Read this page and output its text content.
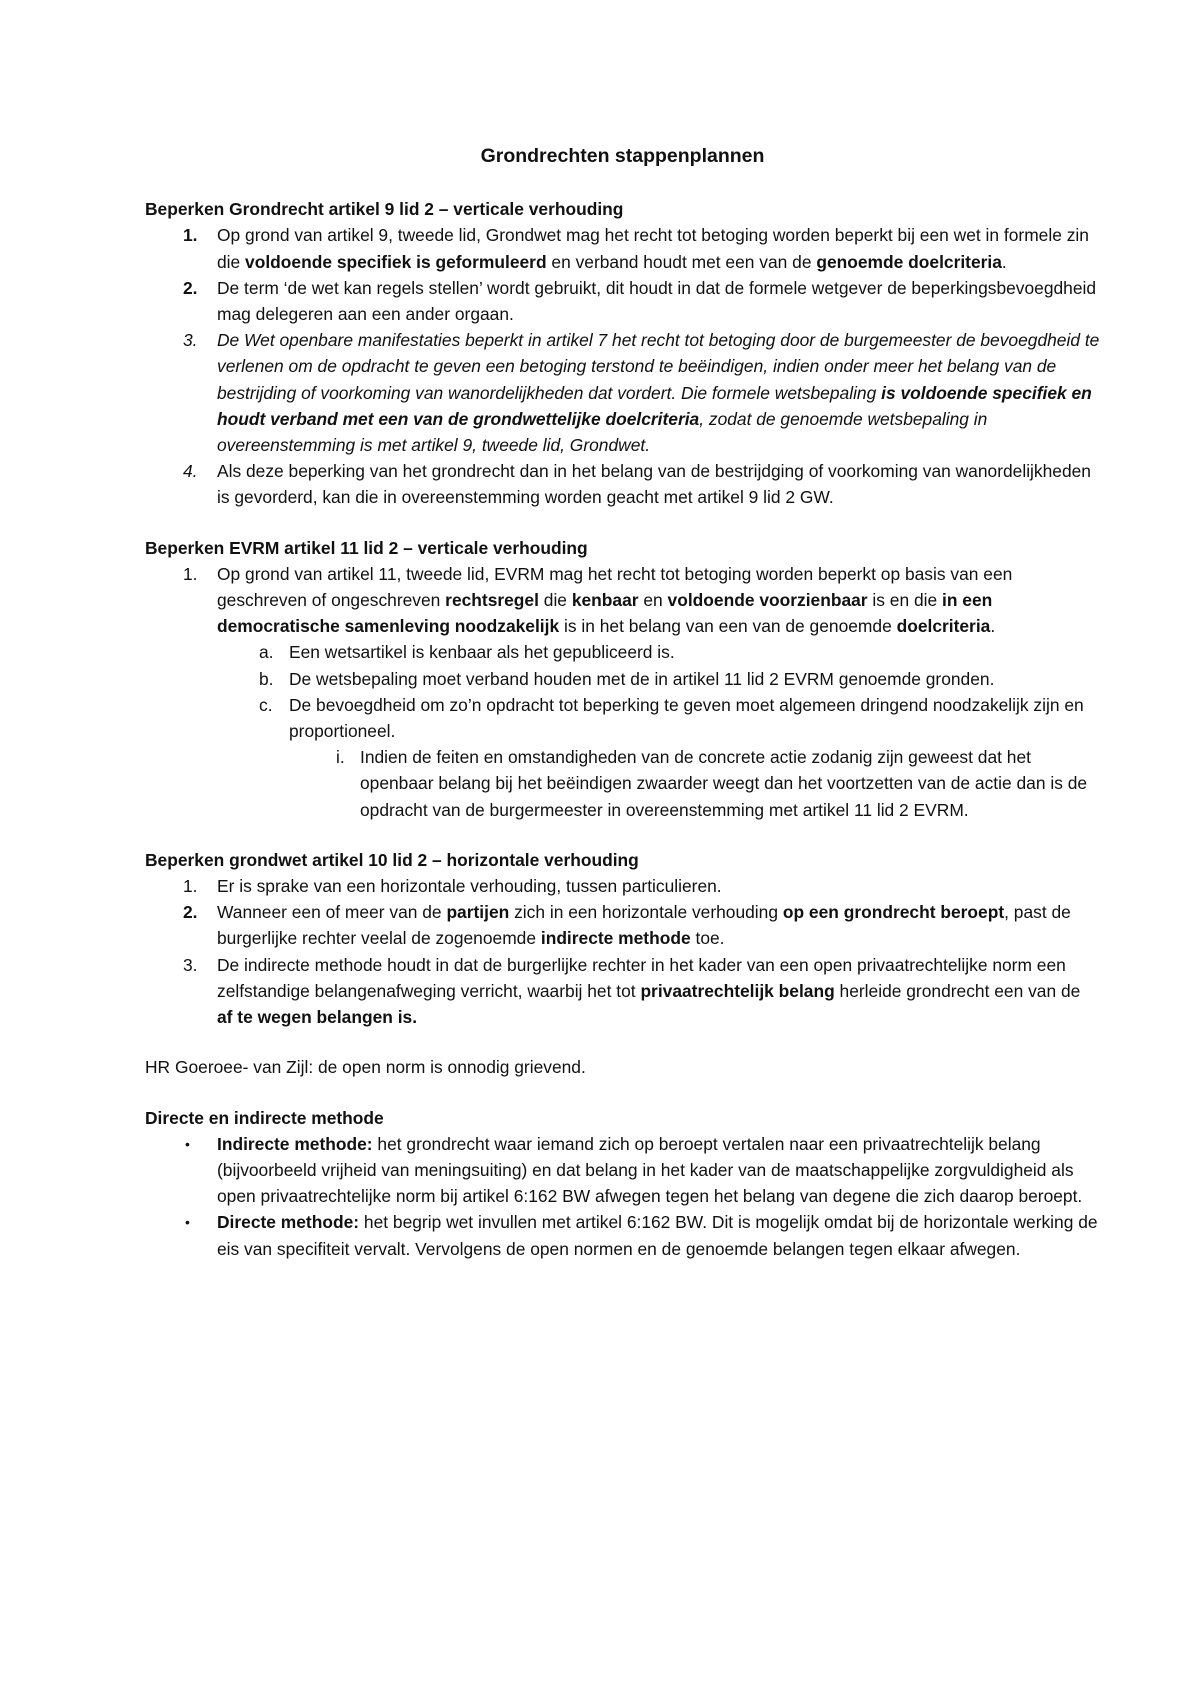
Grondrechten stappenplannen
Beperken Grondrecht artikel 9 lid 2 – verticale verhouding
1. Op grond van artikel 9, tweede lid, Grondwet mag het recht tot betoging worden beperkt bij een wet in formele zin die voldoende specifiek is geformuleerd en verband houdt met een van de genoemde doelcriteria.
2. De term ‘de wet kan regels stellen’ wordt gebruikt, dit houdt in dat de formele wetgever de beperkingsbevoegdheid mag delegeren aan een ander orgaan.
3. De Wet openbare manifestaties beperkt in artikel 7 het recht tot betoging door de burgemeester de bevoegdheid te verlenen om de opdracht te geven een betoging terstond te beëindigen, indien onder meer het belang van de bestrijding of voorkoming van wanordelijkheden dat vordert. Die formele wetsbepaling is voldoende specifiek en houdt verband met een van de grondwettelijke doelcriteria, zodat de genoemde wetsbepaling in overeenstemming is met artikel 9, tweede lid, Grondwet.
4. Als deze beperking van het grondrecht dan in het belang van de bestrijdging of voorkoming van wanordelijkheden is gevorderd, kan die in overeenstemming worden geacht met artikel 9 lid 2 GW.
Beperken EVRM artikel 11 lid 2 – verticale verhouding
1. Op grond van artikel 11, tweede lid, EVRM mag het recht tot betoging worden beperkt op basis van een geschreven of ongeschreven rechtsregel die kenbaar en voldoende voorzienbaar is en die in een democratische samenleving noodzakelijk is in het belang van een van de genoemde doelcriteria.
a. Een wetsartikel is kenbaar als het gepubliceerd is.
b. De wetsbepaling moet verband houden met de in artikel 11 lid 2 EVRM genoemde gronden.
c. De bevoegdheid om zo’n opdracht tot beperking te geven moet algemeen dringend noodzakelijk zijn en proportioneel.
i. Indien de feiten en omstandigheden van de concrete actie zodanig zijn geweest dat het openbaar belang bij het beëindigen zwaarder weegt dan het voortzetten van de actie dan is de opdracht van de burgermeester in overeenstemming met artikel 11 lid 2 EVRM.
Beperken grondwet artikel 10 lid 2 – horizontale verhouding
1. Er is sprake van een horizontale verhouding, tussen particulieren.
2. Wanneer een of meer van de partijen zich in een horizontale verhouding op een grondrecht beroept, past de burgerlijke rechter veelal de zogenoemde indirecte methode toe.
3. De indirecte methode houdt in dat de burgerlijke rechter in het kader van een open privaatrechtelijke norm een zelfstandige belangenafweging verricht, waarbij het tot privaatrechtelijk belang herleide grondrecht een van de af te wegen belangen is.

HR Goeroee- van Zijl: de open norm is onnodig grievend.

Directe en indirecte methode
• Indirecte methode: het grondrecht waar iemand zich op beroept vertalen naar een privaatrechtelijk belang (bijvoorbeeld vrijheid van meningsuiting) en dat belang in het kader van de maatschappelijke zorgvuldigheid als open privaatrechtelijke norm bij artikel 6:162 BW afwegen tegen het belang van degene die zich daarop beroept.
• Directe methode: het begrip wet invullen met artikel 6:162 BW. Dit is mogelijk omdat bij de horizontale werking de eis van specifiteit vervalt. Vervolgens de open normen en de genoemde belangen tegen elkaar afwegen.
